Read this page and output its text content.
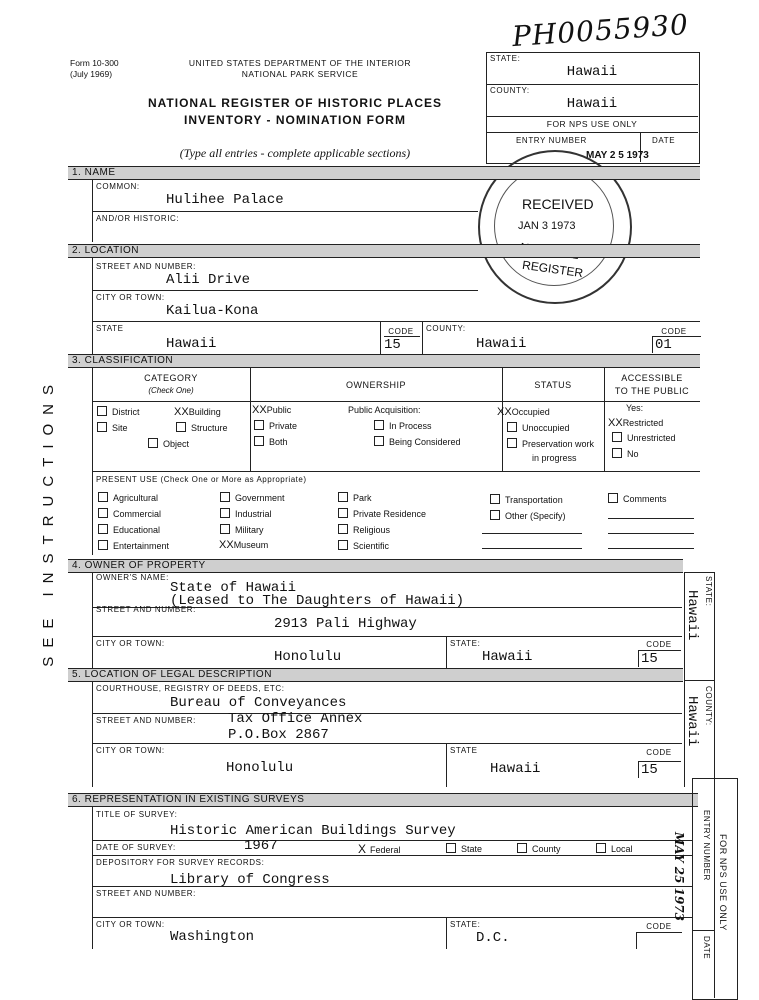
Form 10-300
(July 1969)
UNITED STATES DEPARTMENT OF THE INTERIOR
NATIONAL PARK SERVICE
NATIONAL REGISTER OF HISTORIC PLACES
INVENTORY - NOMINATION FORM
(Type all entries - complete applicable sections)
PH0055930
STATE:
Hawaii
COUNTY:
Hawaii
FOR NPS USE ONLY
ENTRY NUMBER	DATE
MAY 2 5 1973
RECEIVED
JAN 3 1973
REGISTER
SEE INSTRUCTIONS
1. NAME
COMMON:
Hulihee Palace
AND/OR HISTORIC:
2. LOCATION
STREET AND NUMBER:
Alii Drive
CITY OR TOWN:
Kailua-Kona
STATE
Hawaii
CODE
15
COUNTY:
Hawaii
CODE
01
3. CLASSIFICATION
CATEGORY
(Check One)
OWNERSHIP	STATUS
ACCESSIBLE
TO THE PUBLIC
District	XXBuilding
Site	Structure
Object
XXPublic
Private
Both
Public Acquisition:
In Process
Being Considered
XXOccupied
Unoccupied
Preservation work
in progress
Yes:
XXRestricted
Unrestricted
No
PRESENT USE (Check One or More as Appropriate)
Agricultural
Commercial
Educational
Entertainment
Government
Industrial
Military
XXMuseum
Park
Private Residence
Religious
Scientific
Transportation
Other (Specify)
Comments
4. OWNER OF PROPERTY
OWNER'S NAME:
State of Hawaii
(Leased to The Daughters of Hawaii)
STREET AND NUMBER:
2913 Pali Highway
CITY OR TOWN:
Honolulu
STATE:
Hawaii
CODE
15
5. LOCATION OF LEGAL DESCRIPTION
COURTHOUSE, REGISTRY OF DEEDS, ETC:
Bureau of Conveyances
STREET AND NUMBER: Tax Office Annex
P.O.Box 2867
CITY OR TOWN:
Honolulu
STATE
Hawaii
CODE
15
6. REPRESENTATION IN EXISTING SURVEYS
TITLE OF SURVEY:
Historic American Buildings Survey
DATE OF SURVEY:	1967	X Federal	State	County	Local
DEPOSITORY FOR SURVEY RECORDS:
Library of Congress
STREET AND NUMBER:
CITY OR TOWN:
Washington
STATE:
D.C.
CODE
STATE:
Hawaii
COUNTY:
Hawaii
FOR NPS USE ONLY
ENTRY NUMBER
DATE
MAY 25 1973
